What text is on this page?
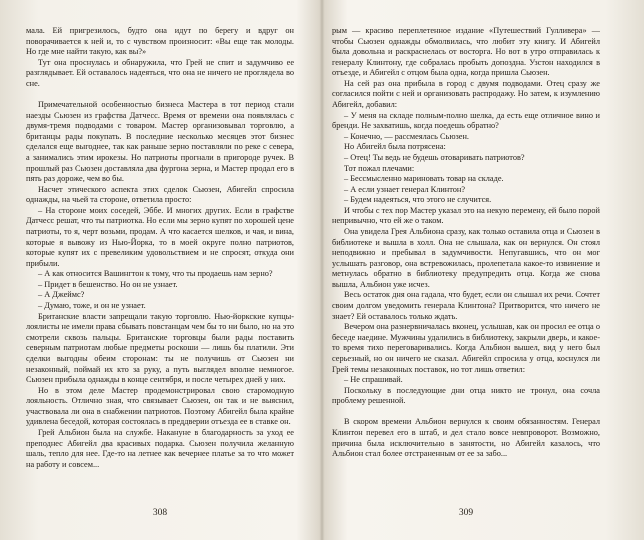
мала. Ей пригрезилось, будто она идут по берегу и вдруг он поворачивается к ней и, то с чувством произносит: «Вы еще так молоды. Но где мне найти такую, как вы?»

Тут она проснулась и обнаружила, что Грей не спит и задумчиво ее разглядывает. Ей оставалось надеяться, что она не ничего не проглядела во сне.

Примечательной особенностью бизнеса Мастера в тот период стали наезды Сьюзен из графства Датчесс. Время от времени она появлялась с двумя-тремя подводами с товаром. Мастер организовывал торговлю, а британцы рады покупать. В последние несколько месяцев этот бизнес сделался еще выгоднее, так как раньше зерно поставляли по реке с севера, а занимались этим ирокезы. Но патриоты прогнали в пригороде ручек. В прошлый раз Сьюзен доставляла два фургона зерна, и Мастер продал его в пять раз дороже, чем во бы.

Насчет этического аспекта этих сделок Сьюзен, Абигейл спросила однажды, на чьей та стороне, ответила просто:

– На стороне моих соседей, Эббе. И многих других. Если в графстве Датчесс решат, что ты патриотка. Но если мы зерно купят по хорошей цене патриоты, то я, черт возьми, продам. А что касается шелков, и чая, и вина, которые я вывожу из Нью-Йорка, то в моей округе полно патриотов, которые купят их с превеликим удовольствием и не спросят, откуда они прибыли.

– А как относится Вашингтон к тому, что ты продаешь нам зерно?

– Придет в бешенство. Но он не узнает.

– А Джеймс?

– Думаю, тоже, и он не узнает.

Британские власти запрещали такую торговлю. Нью-йоркские купцы-лоялисты не имели права сбывать повстанцам чем бы то ни было, но на это смотрели сквозь пальцы. Британские торговцы были рады поставить северным патриотам любые предметы роскоши — лишь бы платили. Эти сделки выгодны обеим сторонам: ты не получишь от Сьюзен ни незаконный, поймай их кто за руку, а путь выглядел вполне немногое. Сьюзен прибыла однажды в конце сентября, и после четырех дней у них.

Но в этом деле Мастер продемонстрировал свою старомодную лояльность. Отлично зная, что связывает Сьюзен, он так и не выяснил, участвовала ли она в снабжении патриотов. Поэтому Абигейл была крайне удивлена беседой, которая состоялась в преддверии отъезда ее в ставке он.

Грей Альбион была на службе. Накануне в благодарность за уход ее преподнес Абигейл два красивых подарка. Сьюзен получила желанную шаль, тепло для нее. Где-то на летнее как вечернее платье за то что может на работу и совсем...

308

рым — красиво переплетенное издание «Путешествий Гулливера» — чтобы Сьюзен однажды обмолвилась, что любит эту книгу. И Абигейл была довольна и раскраснелась от восторга. Но вот в утро отправилась к генералу Клинтону, где собралась пробыть допоздна. Узстон находился в отъезде, и Абигейл с отцом была одна, когда пришла Сьюзен.

На сей раз она прибыла в город с двумя подводами. Отец сразу же согласился пойти с ней и организовать распродажу. Но затем, к изумлению Абигейл, добавил:

– У меня на складе полным-полно шелка, да есть еще отличное вино и бренди. Не захватишь, когда поедешь обратно?

– Конечно, — рассмеялась Сьюзен.

Но Абигейл была потрясена:

– Отец! Ты ведь не будешь отоваривать патриотов?

Тот пожал плечами:

– Бессмысленно мариновать товар на складе.

– А если узнает генерал Клинтон?

– Будем надеяться, что этого не случится.

И чтобы с тех пор Мастер указал это на некую перемену, ей было порой непривычно, что ей же о таком.

Она увидела Грея Альбиона сразу, как только оставила отца и Сьюзен в библиотеке и вышла в холл. Она не слышала, как он вернулся. Он стоял неподвижно и пребывал в задумчивости. Непугавшись, что он мог услышать разговор, она встревожилась, пролепетала какое-то извинение и метнулась обратно в библиотеку предупредить отца. Когда же снова вышла, Альбион уже исчез.

Весь остаток дня она гадала, что будет, если он слышал их речи. Сочтет своим долгом уведомить генерала Клинтона? Притворится, что ничего не знает? Ей оставалось только ждать.

Вечером она разнервничалась вконец, услышав, как он просил ее отца о беседе наедине. Мужчины удалились в библиотеку, закрыли дверь, и какое-то время тихо переговаривались. Когда Альбион вышел, вид у него был серьезный, но он ничего не сказал. Абигейл спросила у отца, коснулся ли Грей темы незаконных поставок, но тот лишь ответил:

– Не спрашивай.

Поскольку в последующие дни отца никто не тронул, она сочла проблему решенной.

В скором времени Альбион вернулся к своим обязанностям. Генерал Клинтон перевел его в штаб, и дел стало вовсе невпроворот. Возможно, причина была исключительно в занятости, но Абигейл казалось, что Альбион стал более отстраненным от ее за забо...

309
